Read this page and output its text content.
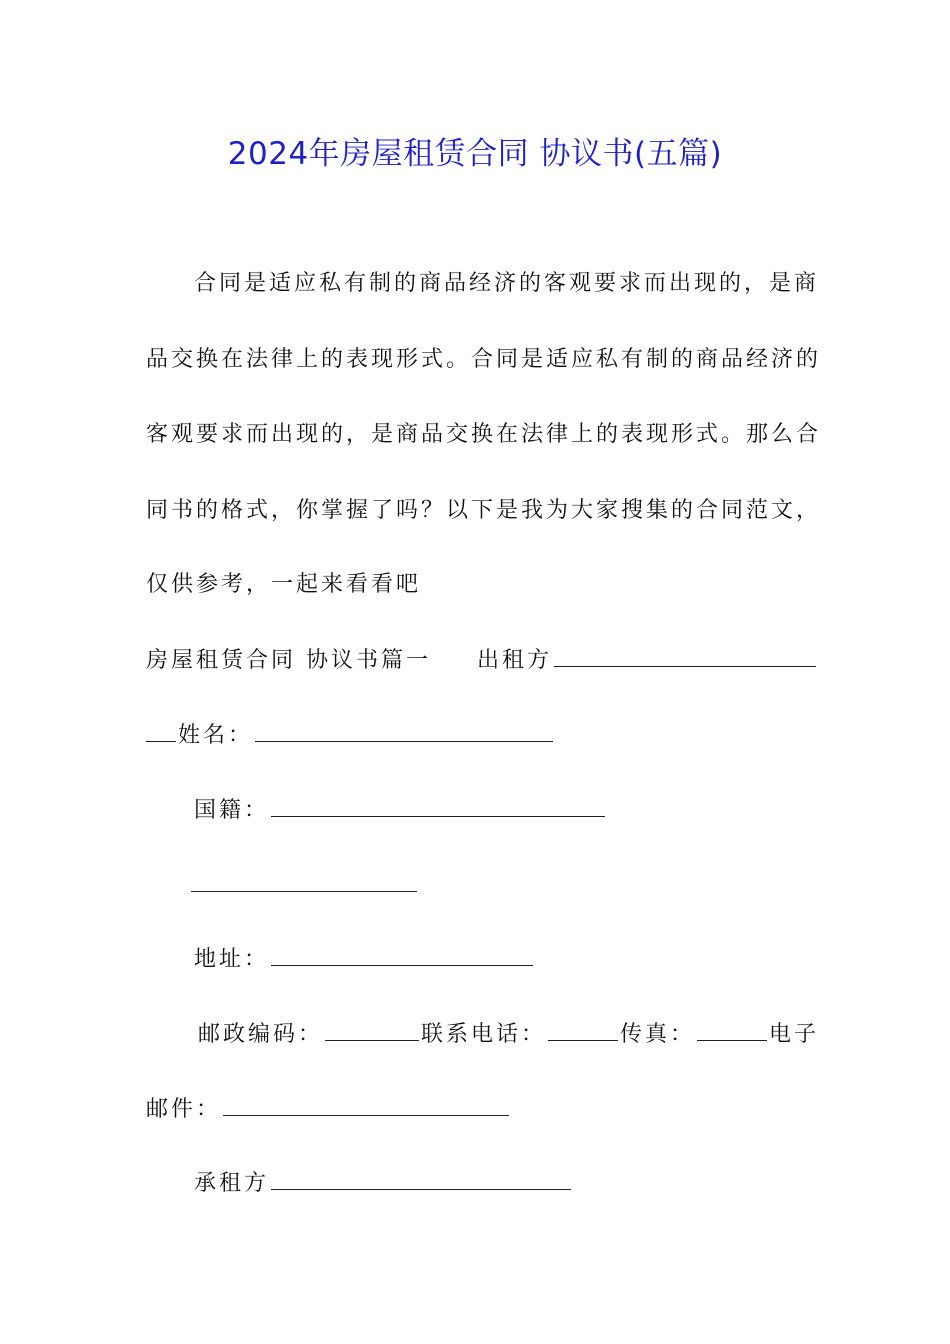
2024年房屋租赁合同 协议书(五篇)
合同是适应私有制的商品经济的客观要求而出现的，是商
品交换在法律上的表现形式。合同是适应私有制的商品经济的
客观要求而出现的，是商品交换在法律上的表现形式。那么合
同书的格式，你掌握了吗？以下是我为大家搜集的合同范文，
仅供参考，一起来看看吧
房屋租赁合同 协议书篇一 出租方
姓名：
国籍：
地址：
邮政编码：	联系电话：	传真：	电子
邮件：
承租方
